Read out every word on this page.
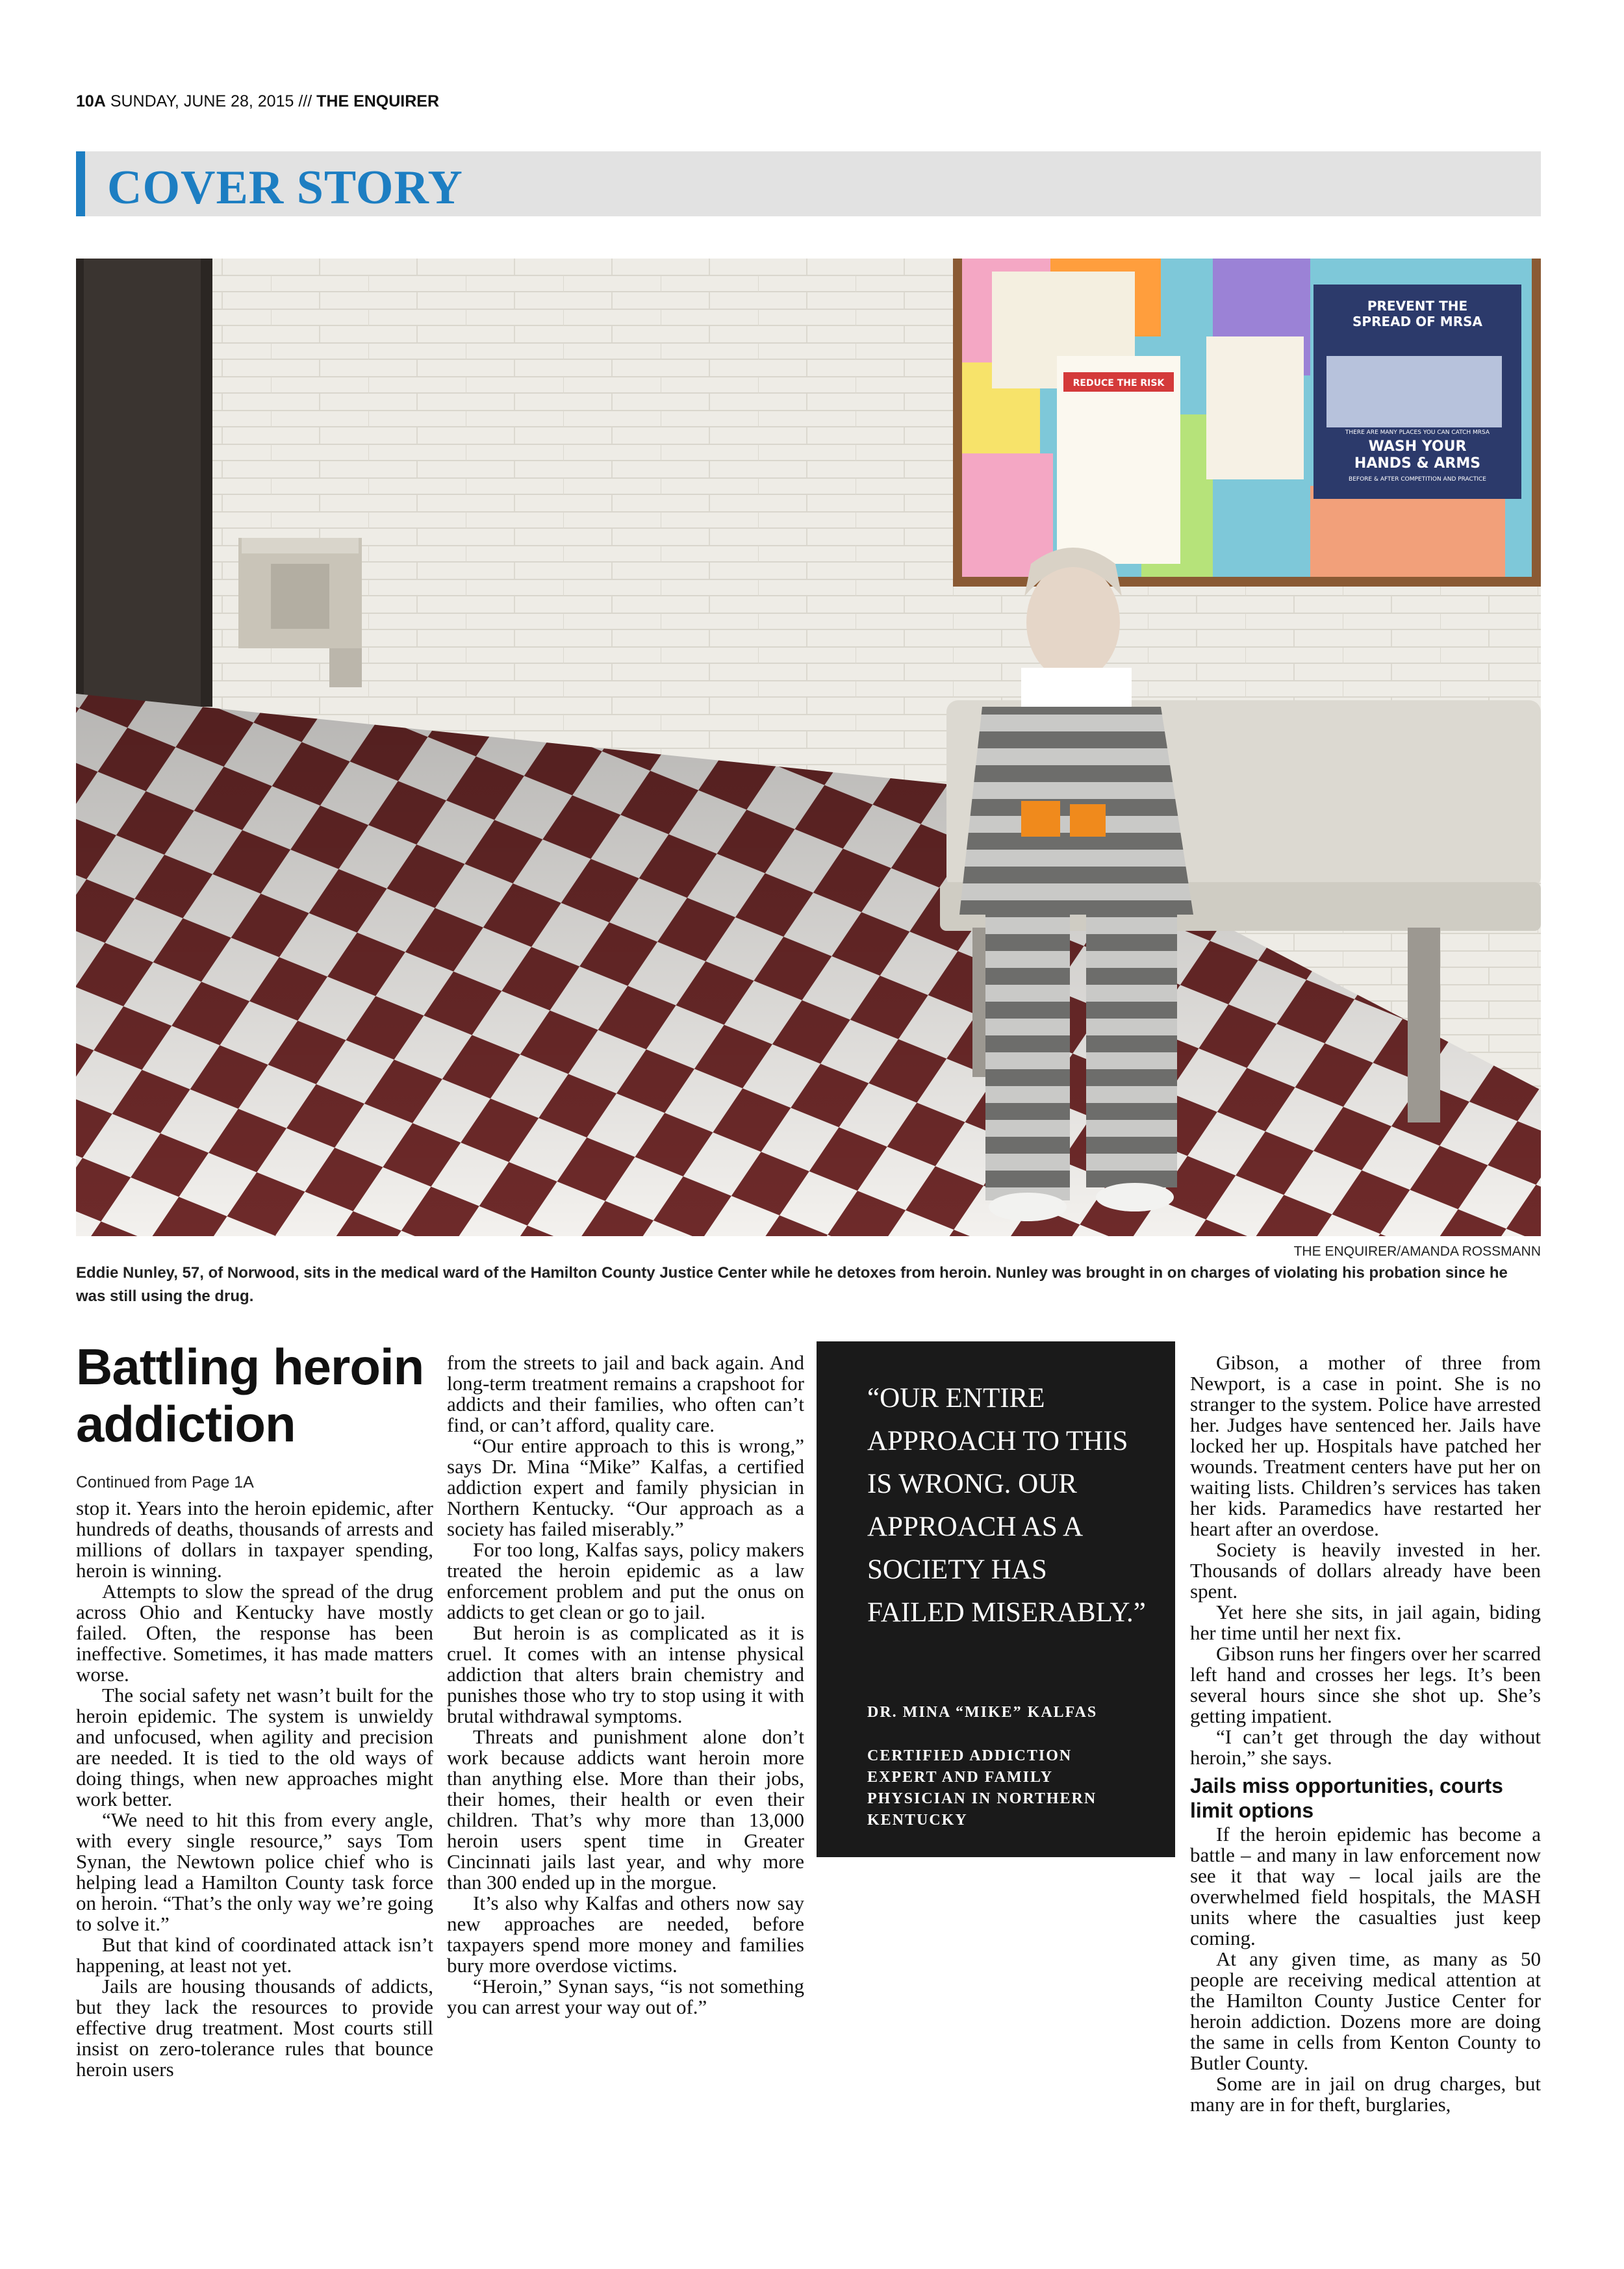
10A SUNDAY, JUNE 28, 2015 /// THE ENQUIRER
COVER STORY
PREVENT THE
SPREAD OF MRSA
THERE ARE MANY PLACES YOU CAN CATCH MRSA
WASH YOUR
HANDS & ARMS
BEFORE & AFTER COMPETITION AND PRACTICE
REDUCE THE RISK
THE ENQUIRER/AMANDA ROSSMANN
Eddie Nunley, 57, of Norwood, sits in the medical ward of the Hamilton County Justice Center while he detoxes from heroin. Nunley was brought in on charges of violating his probation since he was still using the drug.
Battling heroin addiction
Continued from Page 1A

stop it. Years into the heroin epidemic, after hundreds of deaths, thousands of arrests and millions of dollars in taxpayer spending, heroin is winning.

Attempts to slow the spread of the drug across Ohio and Kentucky have mostly failed. Often, the response has been ineffective. Sometimes, it has made matters worse.

The social safety net wasn’t built for the heroin epidemic. The system is unwieldy and unfocused, when agility and precision are needed. It is tied to the old ways of doing things, when new approaches might work better.

“We need to hit this from every angle, with every single resource,” says Tom Synan, the Newtown police chief who is helping lead a Hamilton County task force on heroin. “That’s the only way we’re going to solve it.”

But that kind of coordinated attack isn’t happening, at least not yet.

Jails are housing thousands of addicts, but they lack the resources to provide effective drug treatment. Most courts still insist on zero-tolerance rules that bounce heroin users

from the streets to jail and back again. And long-term treatment remains a crapshoot for addicts and their families, who often can’t find, or can’t afford, quality care.

“Our entire approach to this is wrong,” says Dr. Mina “Mike” Kalfas, a certified addiction expert and family physician in Northern Kentucky. “Our approach as a society has failed miserably.”

For too long, Kalfas says, policy makers treated the heroin epidemic as a law enforcement problem and put the onus on addicts to get clean or go to jail.

But heroin is as complicated as it is cruel. It comes with an intense physical addiction that alters brain chemistry and punishes those who try to stop using it with brutal withdrawal symptoms.

Threats and punishment alone don’t work because addicts want heroin more than anything else. More than their jobs, their homes, their health or even their children. That’s why more than 13,000 heroin users spent time in Greater Cincinnati jails last year, and why more than 300 ended up in the morgue.

It’s also why Kalfas and others now say new approaches are needed, before taxpayers spend more money and families bury more overdose victims.

“Heroin,” Synan says, “is not something you can arrest your way out of.”

“OUR ENTIRE APPROACH TO THIS IS WRONG. OUR APPROACH AS A SOCIETY HAS FAILED MISERABLY.”
DR. MINA “MIKE” KALFAS
CERTIFIED ADDICTION EXPERT AND FAMILY PHYSICIAN IN NORTHERN KENTUCKY

Gibson, a mother of three from Newport, is a case in point. She is no stranger to the system. Police have arrested her. Judges have sentenced her. Jails have locked her up. Hospitals have patched her wounds. Treatment centers have put her on waiting lists. Children’s services has taken her kids. Paramedics have restarted her heart after an overdose.

Society is heavily invested in her. Thousands of dollars already have been spent.

Yet here she sits, in jail again, biding her time until her next fix.

Gibson runs her fingers over her scarred left hand and crosses her legs. It’s been several hours since she shot up. She’s getting impatient.

“I can’t get through the day without heroin,” she says.

Jails miss opportunities, courts limit options

If the heroin epidemic has become a battle – and many in law enforcement now see it that way – local jails are the overwhelmed field hospitals, the MASH units where the casualties just keep coming.

At any given time, as many as 50 people are receiving medical attention at the Hamilton County Justice Center for heroin addiction. Dozens more are doing the same in cells from Kenton County to Butler County.

Some are in jail on drug charges, but many are in for theft, burglaries,
